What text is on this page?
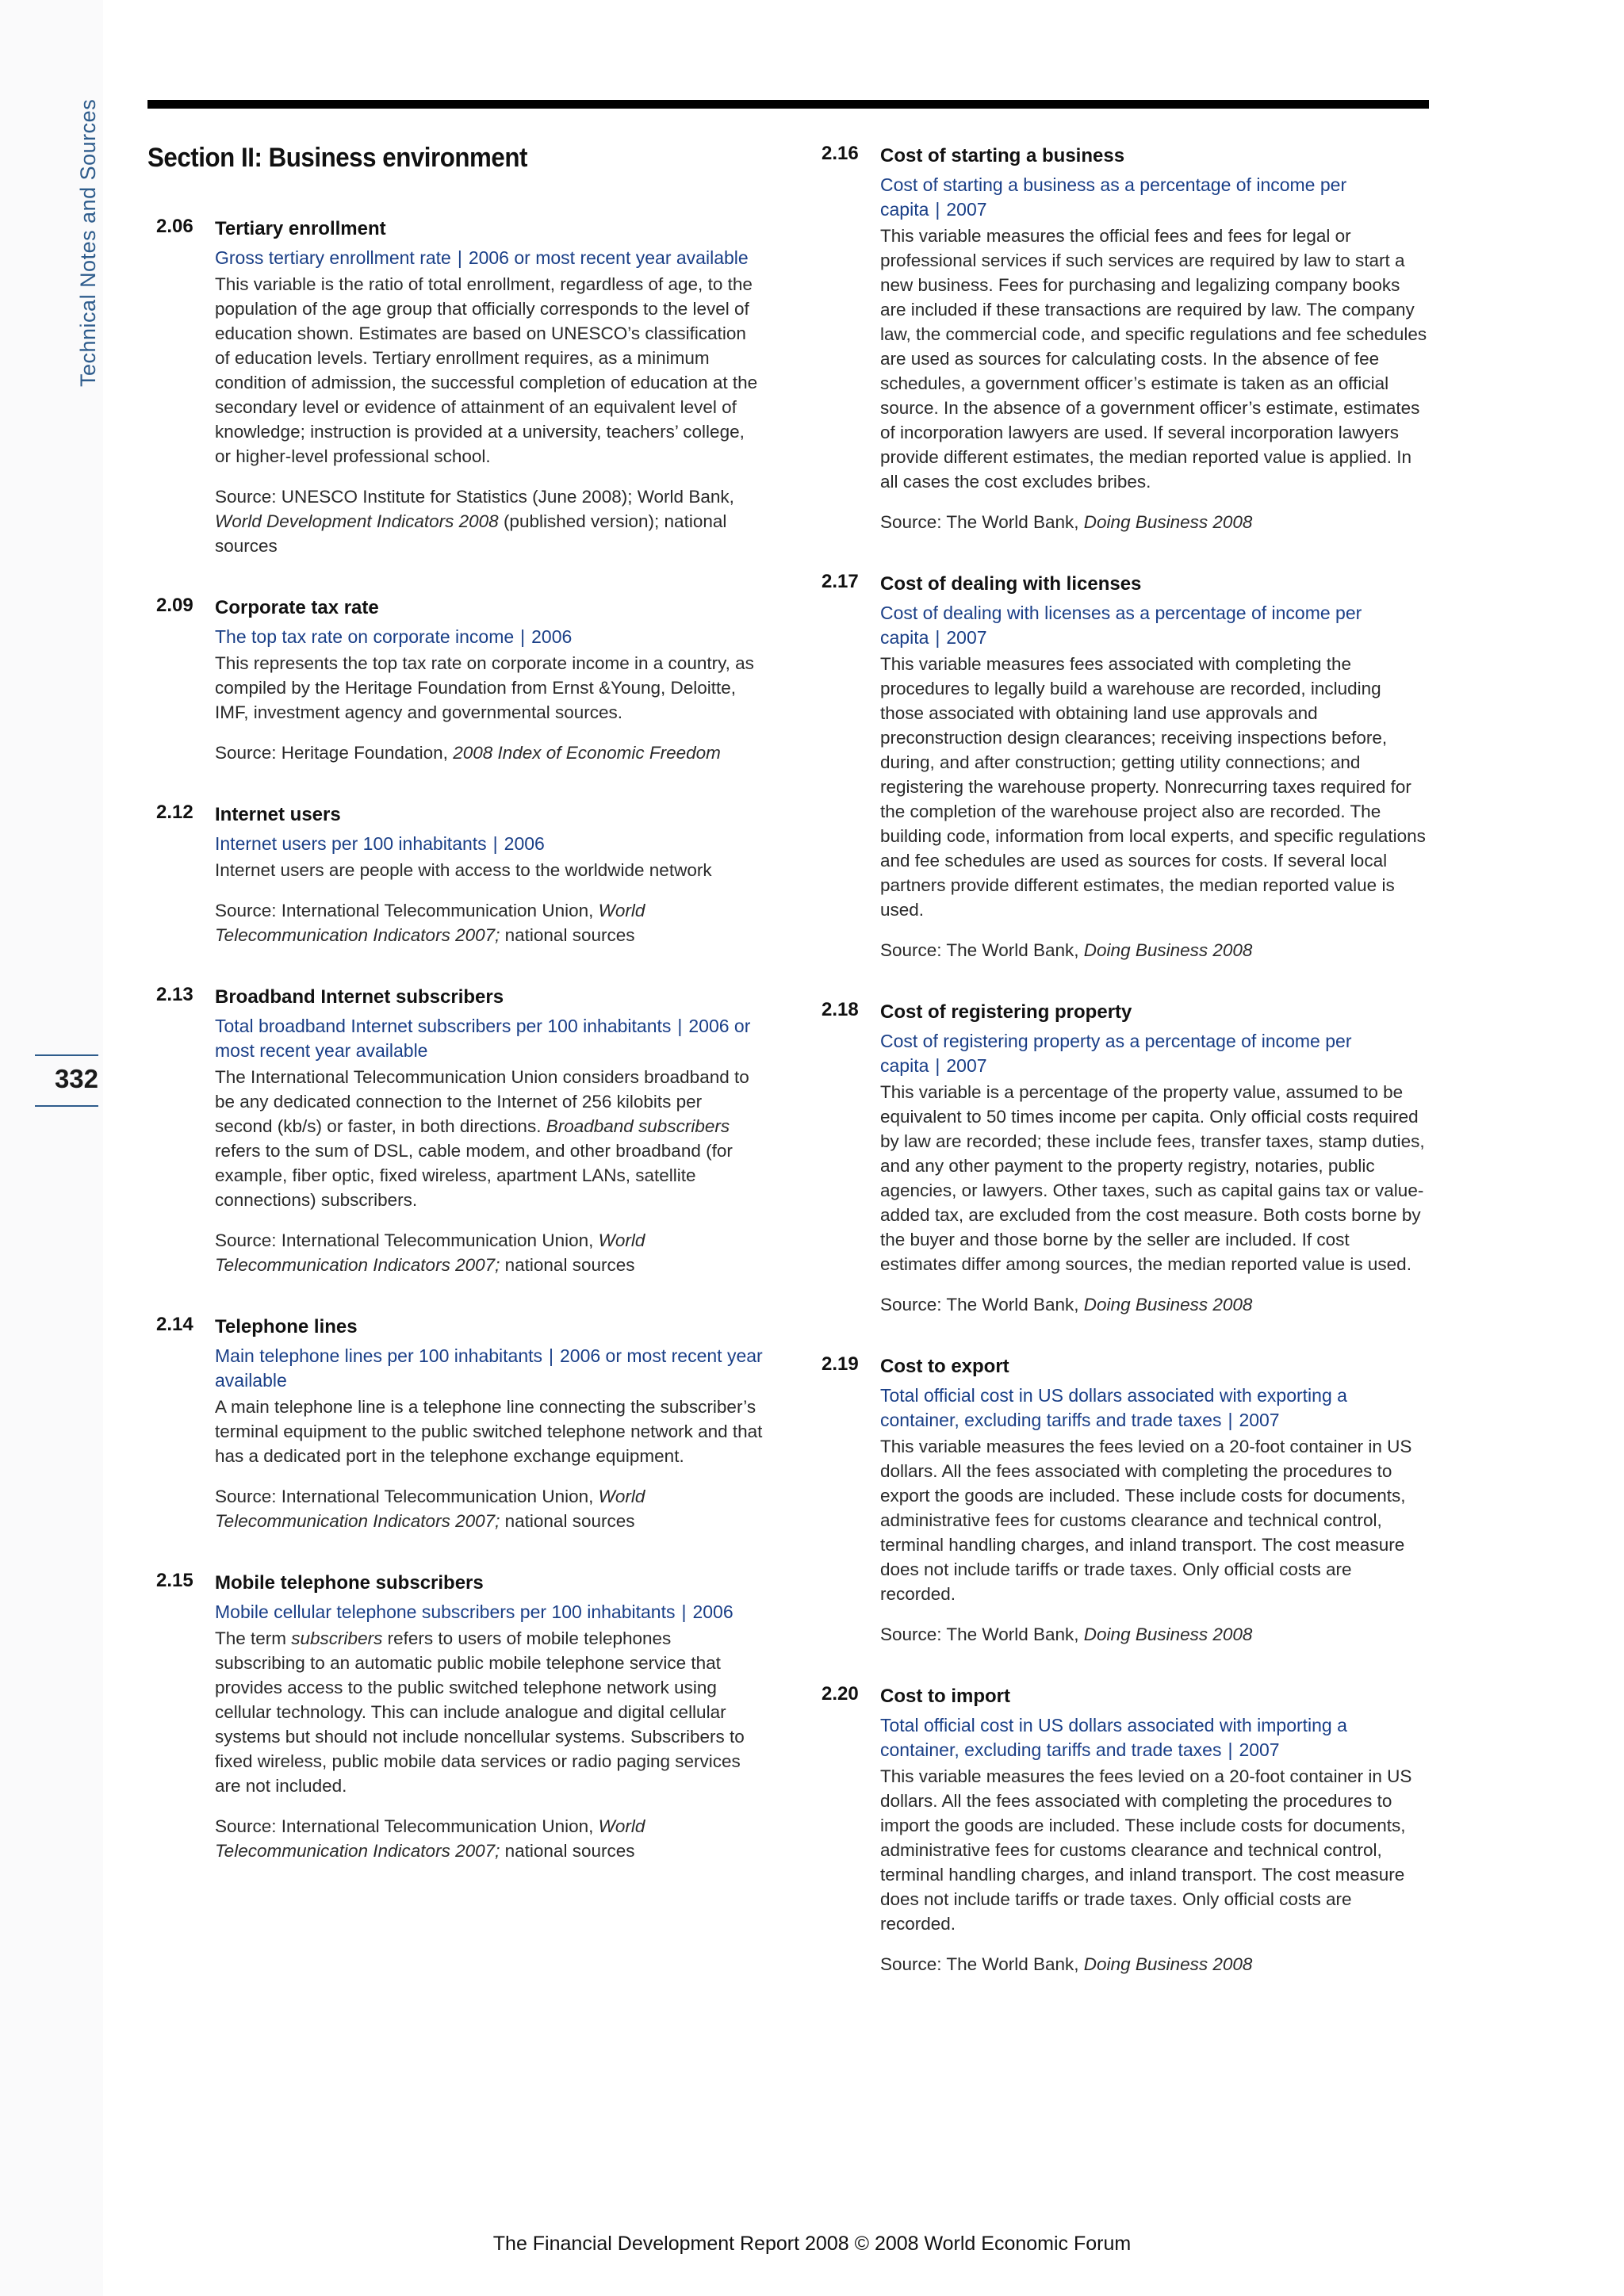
Technical Notes and Sources
332
Section II: Business environment
2.06 Tertiary enrollment
Gross tertiary enrollment rate | 2006 or most recent year available
This variable is the ratio of total enrollment, regardless of age, to the population of the age group that officially corresponds to the level of education shown. Estimates are based on UNESCO’s classification of education levels. Tertiary enrollment requires, as a minimum condition of admission, the successful completion of education at the secondary level or evidence of attainment of an equivalent level of knowledge; instruction is provided at a university, teachers’ college, or higher-level professional school.
Source: UNESCO Institute for Statistics (June 2008); World Bank, World Development Indicators 2008 (published version); national sources
2.09 Corporate tax rate
The top tax rate on corporate income | 2006
This represents the top tax rate on corporate income in a country, as compiled by the Heritage Foundation from Ernst &Young, Deloitte, IMF, investment agency and governmental sources.
Source: Heritage Foundation, 2008 Index of Economic Freedom
2.12 Internet users
Internet users per 100 inhabitants | 2006
Internet users are people with access to the worldwide network
Source: International Telecommunication Union, World Telecommunication Indicators 2007; national sources
2.13 Broadband Internet subscribers
Total broadband Internet subscribers per 100 inhabitants | 2006 or most recent year available
The International Telecommunication Union considers broadband to be any dedicated connection to the Internet of 256 kilobits per second (kb/s) or faster, in both directions. Broadband subscribers refers to the sum of DSL, cable modem, and other broadband (for example, fiber optic, fixed wireless, apartment LANs, satellite connections) subscribers.
Source: International Telecommunication Union, World Telecommunication Indicators 2007; national sources
2.14 Telephone lines
Main telephone lines per 100 inhabitants | 2006 or most recent year available
A main telephone line is a telephone line connecting the subscriber’s terminal equipment to the public switched telephone network and that has a dedicated port in the telephone exchange equipment.
Source: International Telecommunication Union, World Telecommunication Indicators 2007; national sources
2.15 Mobile telephone subscribers
Mobile cellular telephone subscribers per 100 inhabitants | 2006
The term subscribers refers to users of mobile telephones subscribing to an automatic public mobile telephone service that provides access to the public switched telephone network using cellular technology. This can include analogue and digital cellular systems but should not include noncellular systems. Subscribers to fixed wireless, public mobile data services or radio paging services are not included.
Source: International Telecommunication Union, World Telecommunication Indicators 2007; national sources
2.16 Cost of starting a business
Cost of starting a business as a percentage of income per capita | 2007
This variable measures the official fees and fees for legal or professional services if such services are required by law to start a new business. Fees for purchasing and legalizing company books are included if these transactions are required by law. The company law, the commercial code, and specific regulations and fee schedules are used as sources for calculating costs. In the absence of fee schedules, a government officer’s estimate is taken as an official source. In the absence of a government officer’s estimate, estimates of incorporation lawyers are used. If several incorporation lawyers provide different estimates, the median reported value is applied. In all cases the cost excludes bribes.
Source: The World Bank, Doing Business 2008
2.17 Cost of dealing with licenses
Cost of dealing with licenses as a percentage of income per capita | 2007
This variable measures fees associated with completing the procedures to legally build a warehouse are recorded, including those associated with obtaining land use approvals and preconstruction design clearances; receiving inspections before, during, and after construction; getting utility connections; and registering the warehouse property. Nonrecurring taxes required for the completion of the warehouse project also are recorded. The building code, information from local experts, and specific regulations and fee schedules are used as sources for costs. If several local partners provide different estimates, the median reported value is used.
Source: The World Bank, Doing Business 2008
2.18 Cost of registering property
Cost of registering property as a percentage of income per capita | 2007
This variable is a percentage of the property value, assumed to be equivalent to 50 times income per capita. Only official costs required by law are recorded; these include fees, transfer taxes, stamp duties, and any other payment to the property registry, notaries, public agencies, or lawyers. Other taxes, such as capital gains tax or value-added tax, are excluded from the cost measure. Both costs borne by the buyer and those borne by the seller are included. If cost estimates differ among sources, the median reported value is used.
Source: The World Bank, Doing Business 2008
2.19 Cost to export
Total official cost in US dollars associated with exporting a container, excluding tariffs and trade taxes | 2007
This variable measures the fees levied on a 20-foot container in US dollars. All the fees associated with completing the procedures to export the goods are included. These include costs for documents, administrative fees for customs clearance and technical control, terminal handling charges, and inland transport. The cost measure does not include tariffs or trade taxes. Only official costs are recorded.
Source: The World Bank, Doing Business 2008
2.20 Cost to import
Total official cost in US dollars associated with importing a container, excluding tariffs and trade taxes | 2007
This variable measures the fees levied on a 20-foot container in US dollars. All the fees associated with completing the procedures to import the goods are included. These include costs for documents, administrative fees for customs clearance and technical control, terminal handling charges, and inland transport. The cost measure does not include tariffs or trade taxes. Only official costs are recorded.
Source: The World Bank, Doing Business 2008
The Financial Development Report 2008 © 2008 World Economic Forum
